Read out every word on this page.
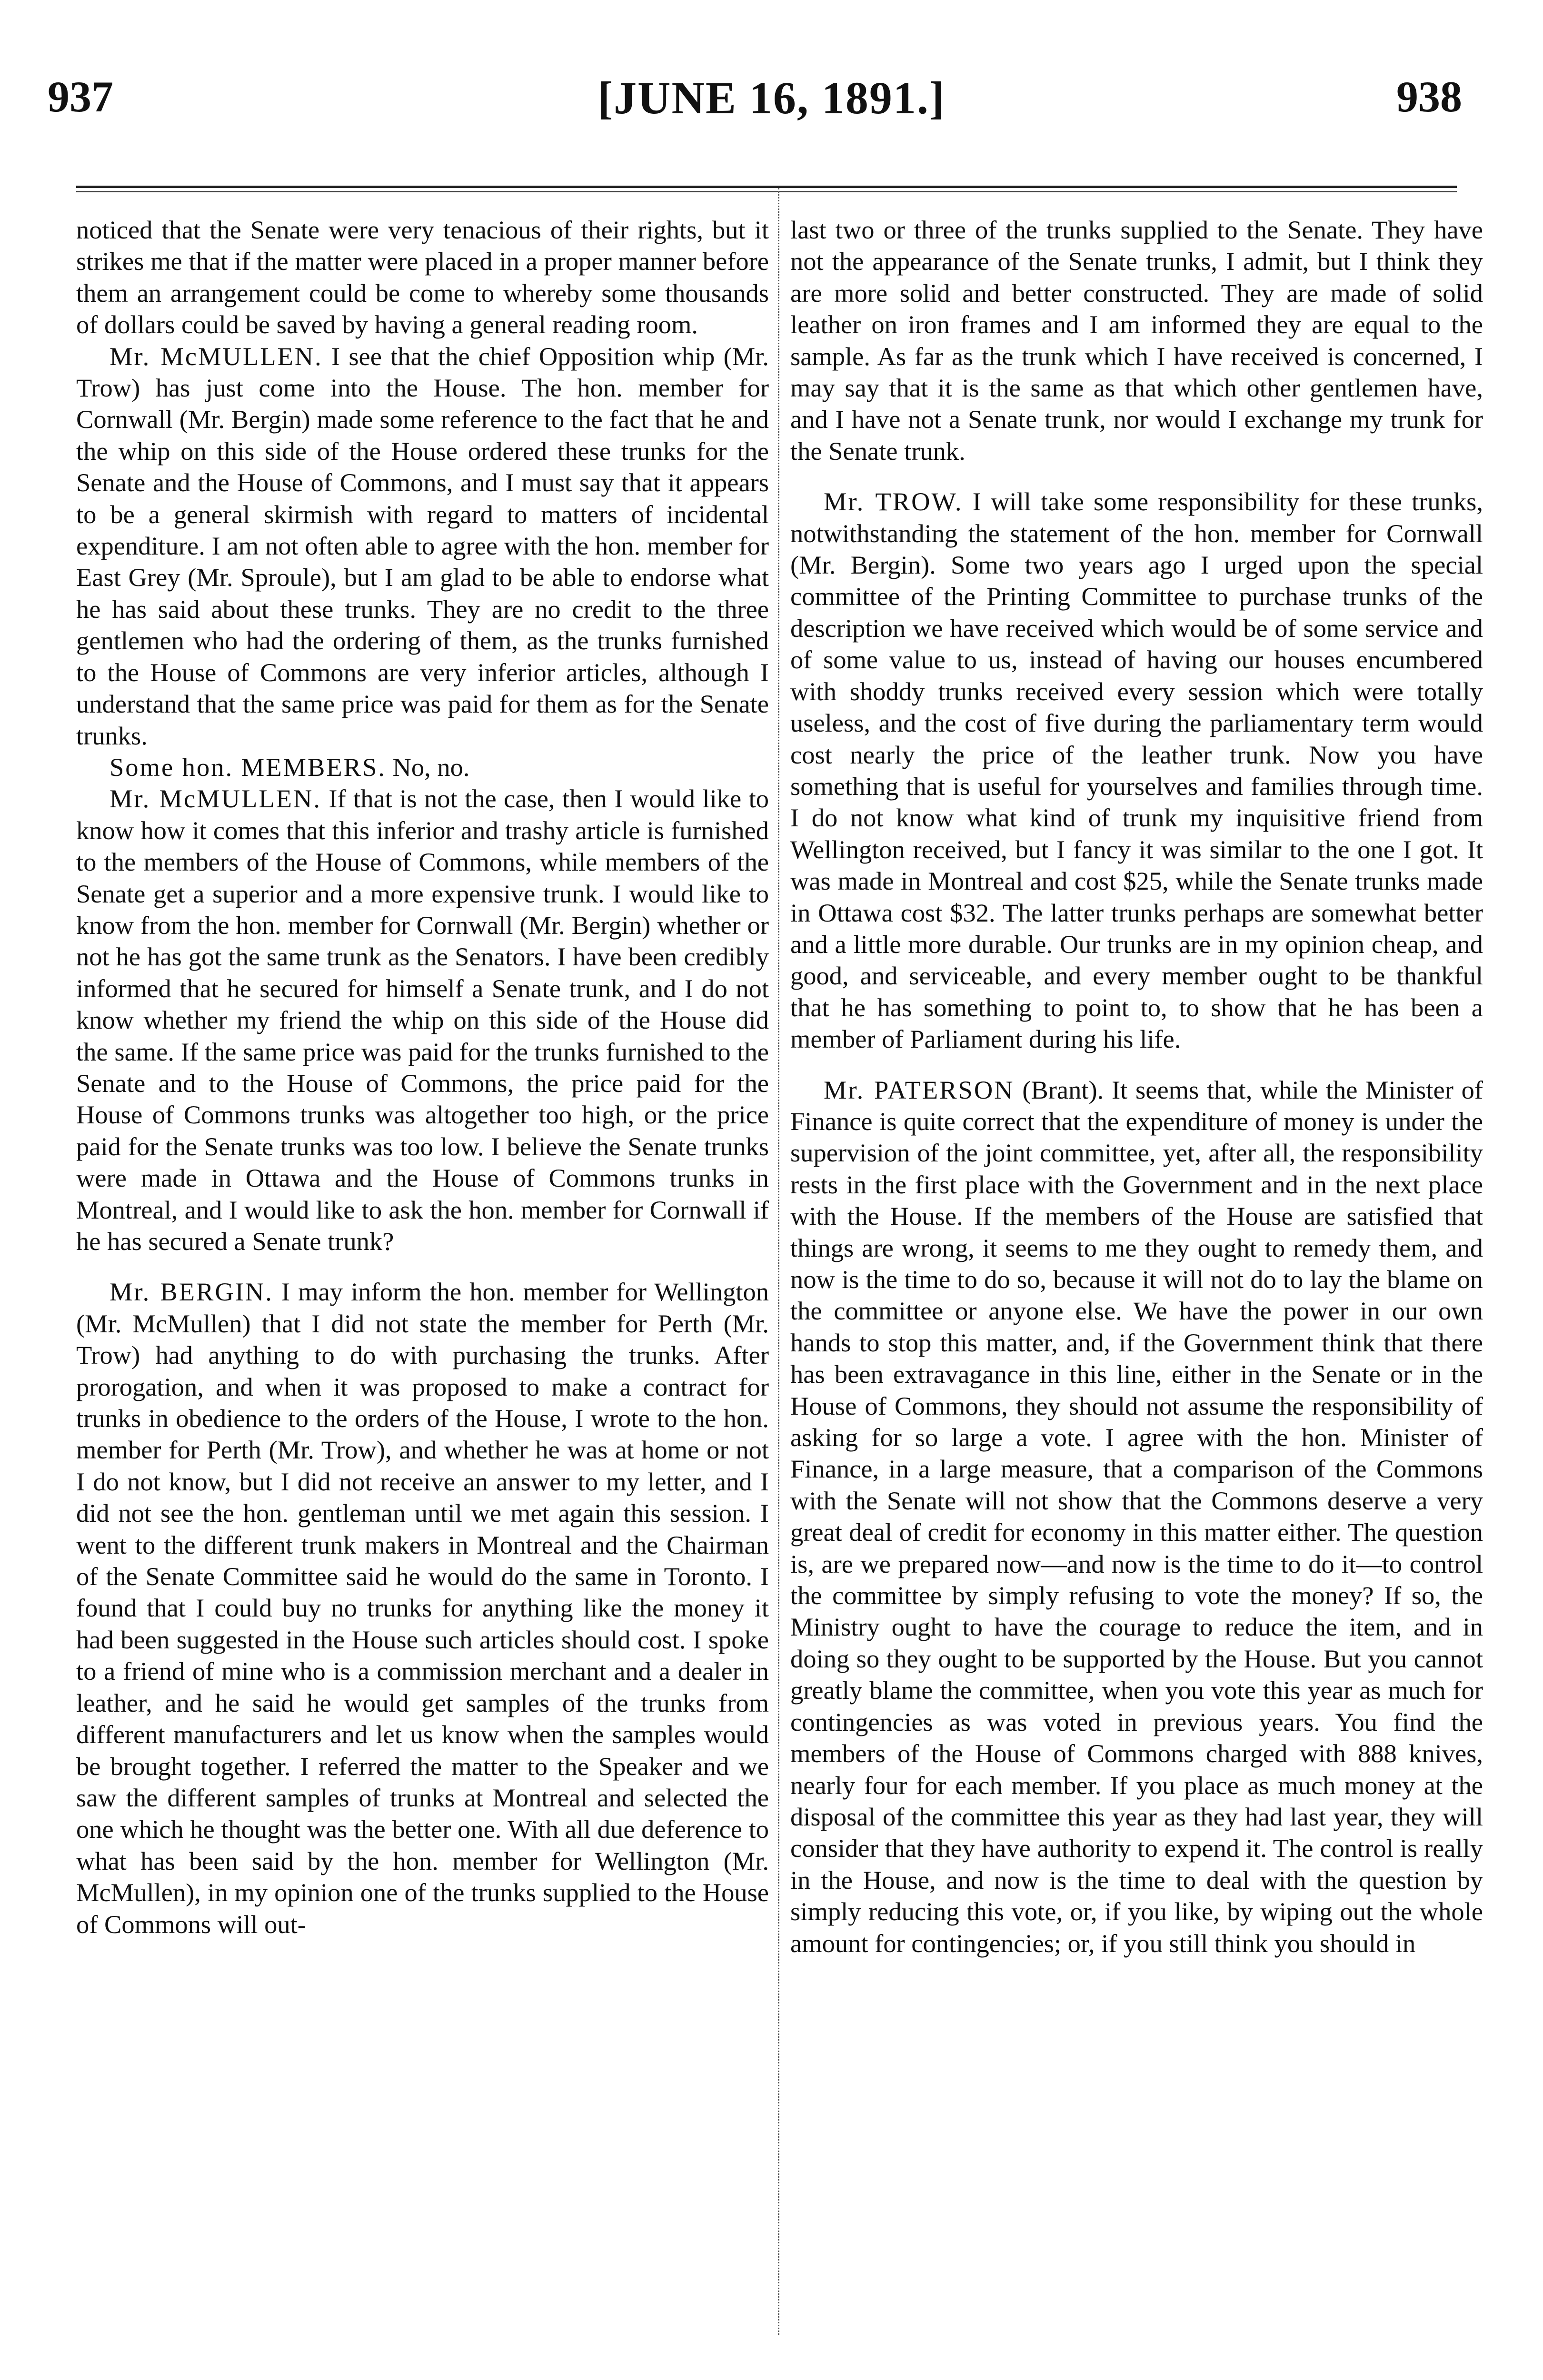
937	[JUNE 16, 1891.]	938

noticed that the Senate were very tenacious of their rights, but it strikes me that if the matter were placed in a proper manner before them an arrangement could be come to whereby some thousands of dollars could be saved by having a general reading room.

Mr. McMULLEN. I see that the chief Opposition whip (Mr. Trow) has just come into the House. The hon. member for Cornwall (Mr. Bergin) made some reference to the fact that he and the whip on this side of the House ordered these trunks for the Senate and the House of Commons, and I must say that it appears to be a general skirmish with regard to matters of incidental expenditure. I am not often able to agree with the hon. member for East Grey (Mr. Sproule), but I am glad to be able to endorse what he has said about these trunks. They are no credit to the three gentlemen who had the ordering of them, as the trunks furnished to the House of Commons are very inferior articles, although I understand that the same price was paid for them as for the Senate trunks.

Some hon. MEMBERS. No, no.

Mr. McMULLEN. If that is not the case, then I would like to know how it comes that this inferior and trashy article is furnished to the members of the House of Commons, while members of the Senate get a superior and a more expensive trunk. I would like to know from the hon. member for Cornwall (Mr. Bergin) whether or not he has got the same trunk as the Senators. I have been credibly informed that he secured for himself a Senate trunk, and I do not know whether my friend the whip on this side of the House did the same. If the same price was paid for the trunks furnished to the Senate and to the House of Commons, the price paid for the House of Commons trunks was altogether too high, or the price paid for the Senate trunks was too low. I believe the Senate trunks were made in Ottawa and the House of Commons trunks in Montreal, and I would like to ask the hon. member for Cornwall if he has secured a Senate trunk?

Mr. BERGIN. I may inform the hon. member for Wellington (Mr. McMullen) that I did not state the member for Perth (Mr. Trow) had anything to do with purchasing the trunks. After prorogation, and when it was proposed to make a contract for trunks in obedience to the orders of the House, I wrote to the hon. member for Perth (Mr. Trow), and whether he was at home or not I do not know, but I did not receive an answer to my letter, and I did not see the hon. gentleman until we met again this session. I went to the different trunk makers in Montreal and the Chairman of the Senate Committee said he would do the same in Toronto. I found that I could buy no trunks for anything like the money it had been suggested in the House such articles should cost. I spoke to a friend of mine who is a commission merchant and a dealer in leather, and he said he would get samples of the trunks from different manufacturers and let us know when the samples would be brought together. I referred the matter to the Speaker and we saw the different samples of trunks at Montreal and selected the one which he thought was the better one. With all due deference to what has been said by the hon. member for Wellington (Mr. McMullen), in my opinion one of the trunks supplied to the House of Commons will out-

last two or three of the trunks supplied to the Senate. They have not the appearance of the Senate trunks, I admit, but I think they are more solid and better constructed. They are made of solid leather on iron frames and I am informed they are equal to the sample. As far as the trunk which I have received is concerned, I may say that it is the same as that which other gentlemen have, and I have not a Senate trunk, nor would I exchange my trunk for the Senate trunk.

Mr. TROW. I will take some responsibility for these trunks, notwithstanding the statement of the hon. member for Cornwall (Mr. Bergin). Some two years ago I urged upon the special committee of the Printing Committee to purchase trunks of the description we have received which would be of some service and of some value to us, instead of having our houses encumbered with shoddy trunks received every session which were totally useless, and the cost of five during the parliamentary term would cost nearly the price of the leather trunk. Now you have something that is useful for yourselves and families through time. I do not know what kind of trunk my inquisitive friend from Wellington received, but I fancy it was similar to the one I got. It was made in Montreal and cost $25, while the Senate trunks made in Ottawa cost $32. The latter trunks perhaps are somewhat better and a little more durable. Our trunks are in my opinion cheap, and good, and serviceable, and every member ought to be thankful that he has something to point to, to show that he has been a member of Parliament during his life.

Mr. PATERSON (Brant). It seems that, while the Minister of Finance is quite correct that the expenditure of money is under the supervision of the joint committee, yet, after all, the responsibility rests in the first place with the Government and in the next place with the House. If the members of the House are satisfied that things are wrong, it seems to me they ought to remedy them, and now is the time to do so, because it will not do to lay the blame on the committee or anyone else. We have the power in our own hands to stop this matter, and, if the Government think that there has been extravagance in this line, either in the Senate or in the House of Commons, they should not assume the responsibility of asking for so large a vote. I agree with the hon. Minister of Finance, in a large measure, that a comparison of the Commons with the Senate will not show that the Commons deserve a very great deal of credit for economy in this matter either. The question is, are we prepared now—and now is the time to do it—to control the committee by simply refusing to vote the money? If so, the Ministry ought to have the courage to reduce the item, and in doing so they ought to be supported by the House. But you cannot greatly blame the committee, when you vote this year as much for contingencies as was voted in previous years. You find the members of the House of Commons charged with 888 knives, nearly four for each member. If you place as much money at the disposal of the committee this year as they had last year, they will consider that they have authority to expend it. The control is really in the House, and now is the time to deal with the question by simply reducing this vote, or, if you like, by wiping out the whole amount for contingencies; or, if you still think you should in
